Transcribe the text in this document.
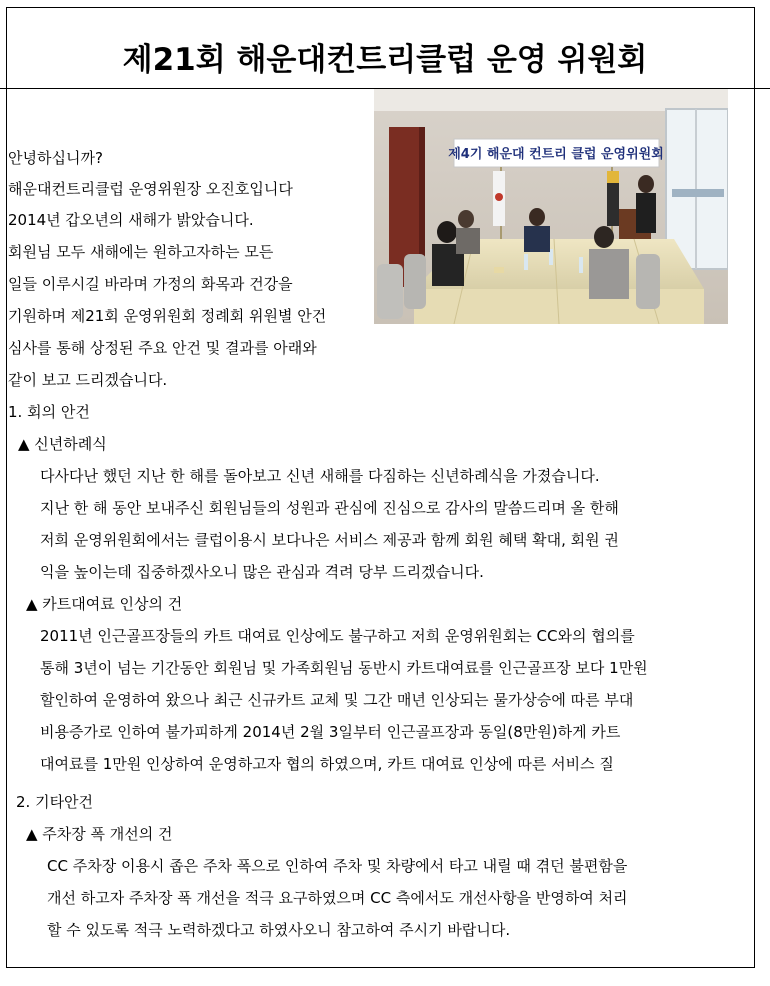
제21회 해운대컨트리클럽 운영 위원회
제4기 해운대 컨트리 클럽 운영위원회
안녕하십니까?
해운대컨트리클럽 운영위원장 오진호입니다
2014년 갑오년의 새해가 밝았습니다.
회원님 모두 새해에는 원하고자하는 모든
일들 이루시길 바라며 가정의 화목과 건강을
기원하며 제21회 운영위원회 정례회 위원별 안건
심사를 통해 상정된 주요 안건 및 결과를 아래와
같이 보고 드리겠습니다.
1. 회의 안건
▲ 신년하례식
다사다난 했던 지난 한 해를 돌아보고 신년 새해를 다짐하는 신년하례식을 가졌습니다.
지난 한 해 동안 보내주신 회원님들의 성원과 관심에 진심으로 감사의 말씀드리며 올 한해
저희 운영위원회에서는 클럽이용시 보다나은 서비스 제공과 함께 회원 혜택 확대, 회원 권
익을 높이는데 집중하겠사오니 많은 관심과 격려 당부 드리겠습니다.
▲ 카트대여료 인상의 건
2011년 인근골프장들의 카트 대여료 인상에도 불구하고 저희 운영위원회는 CC와의 협의를
통해 3년이 넘는 기간동안 회원님 및 가족회원님 동반시 카트대여료를 인근골프장 보다 1만원
할인하여 운영하여 왔으나 최근 신규카트 교체 및 그간 매년 인상되는 물가상승에 따른 부대
비용증가로 인하여 불가피하게 2014년 2월 3일부터 인근골프장과 동일(8만원)하게 카트
대여료를 1만원 인상하여 운영하고자 협의 하였으며, 카트 대여료 인상에 따른 서비스 질
2. 기타안건
▲ 주차장 폭 개선의 건
CC 주차장 이용시 좁은 주차 폭으로 인하여 주차 및 차량에서 타고 내릴 때 겪던 불편함을
개선 하고자 주차장 폭 개선을 적극 요구하였으며 CC 측에서도 개선사항을 반영하여 처리
할 수 있도록 적극 노력하겠다고 하였사오니 참고하여 주시기 바랍니다.
